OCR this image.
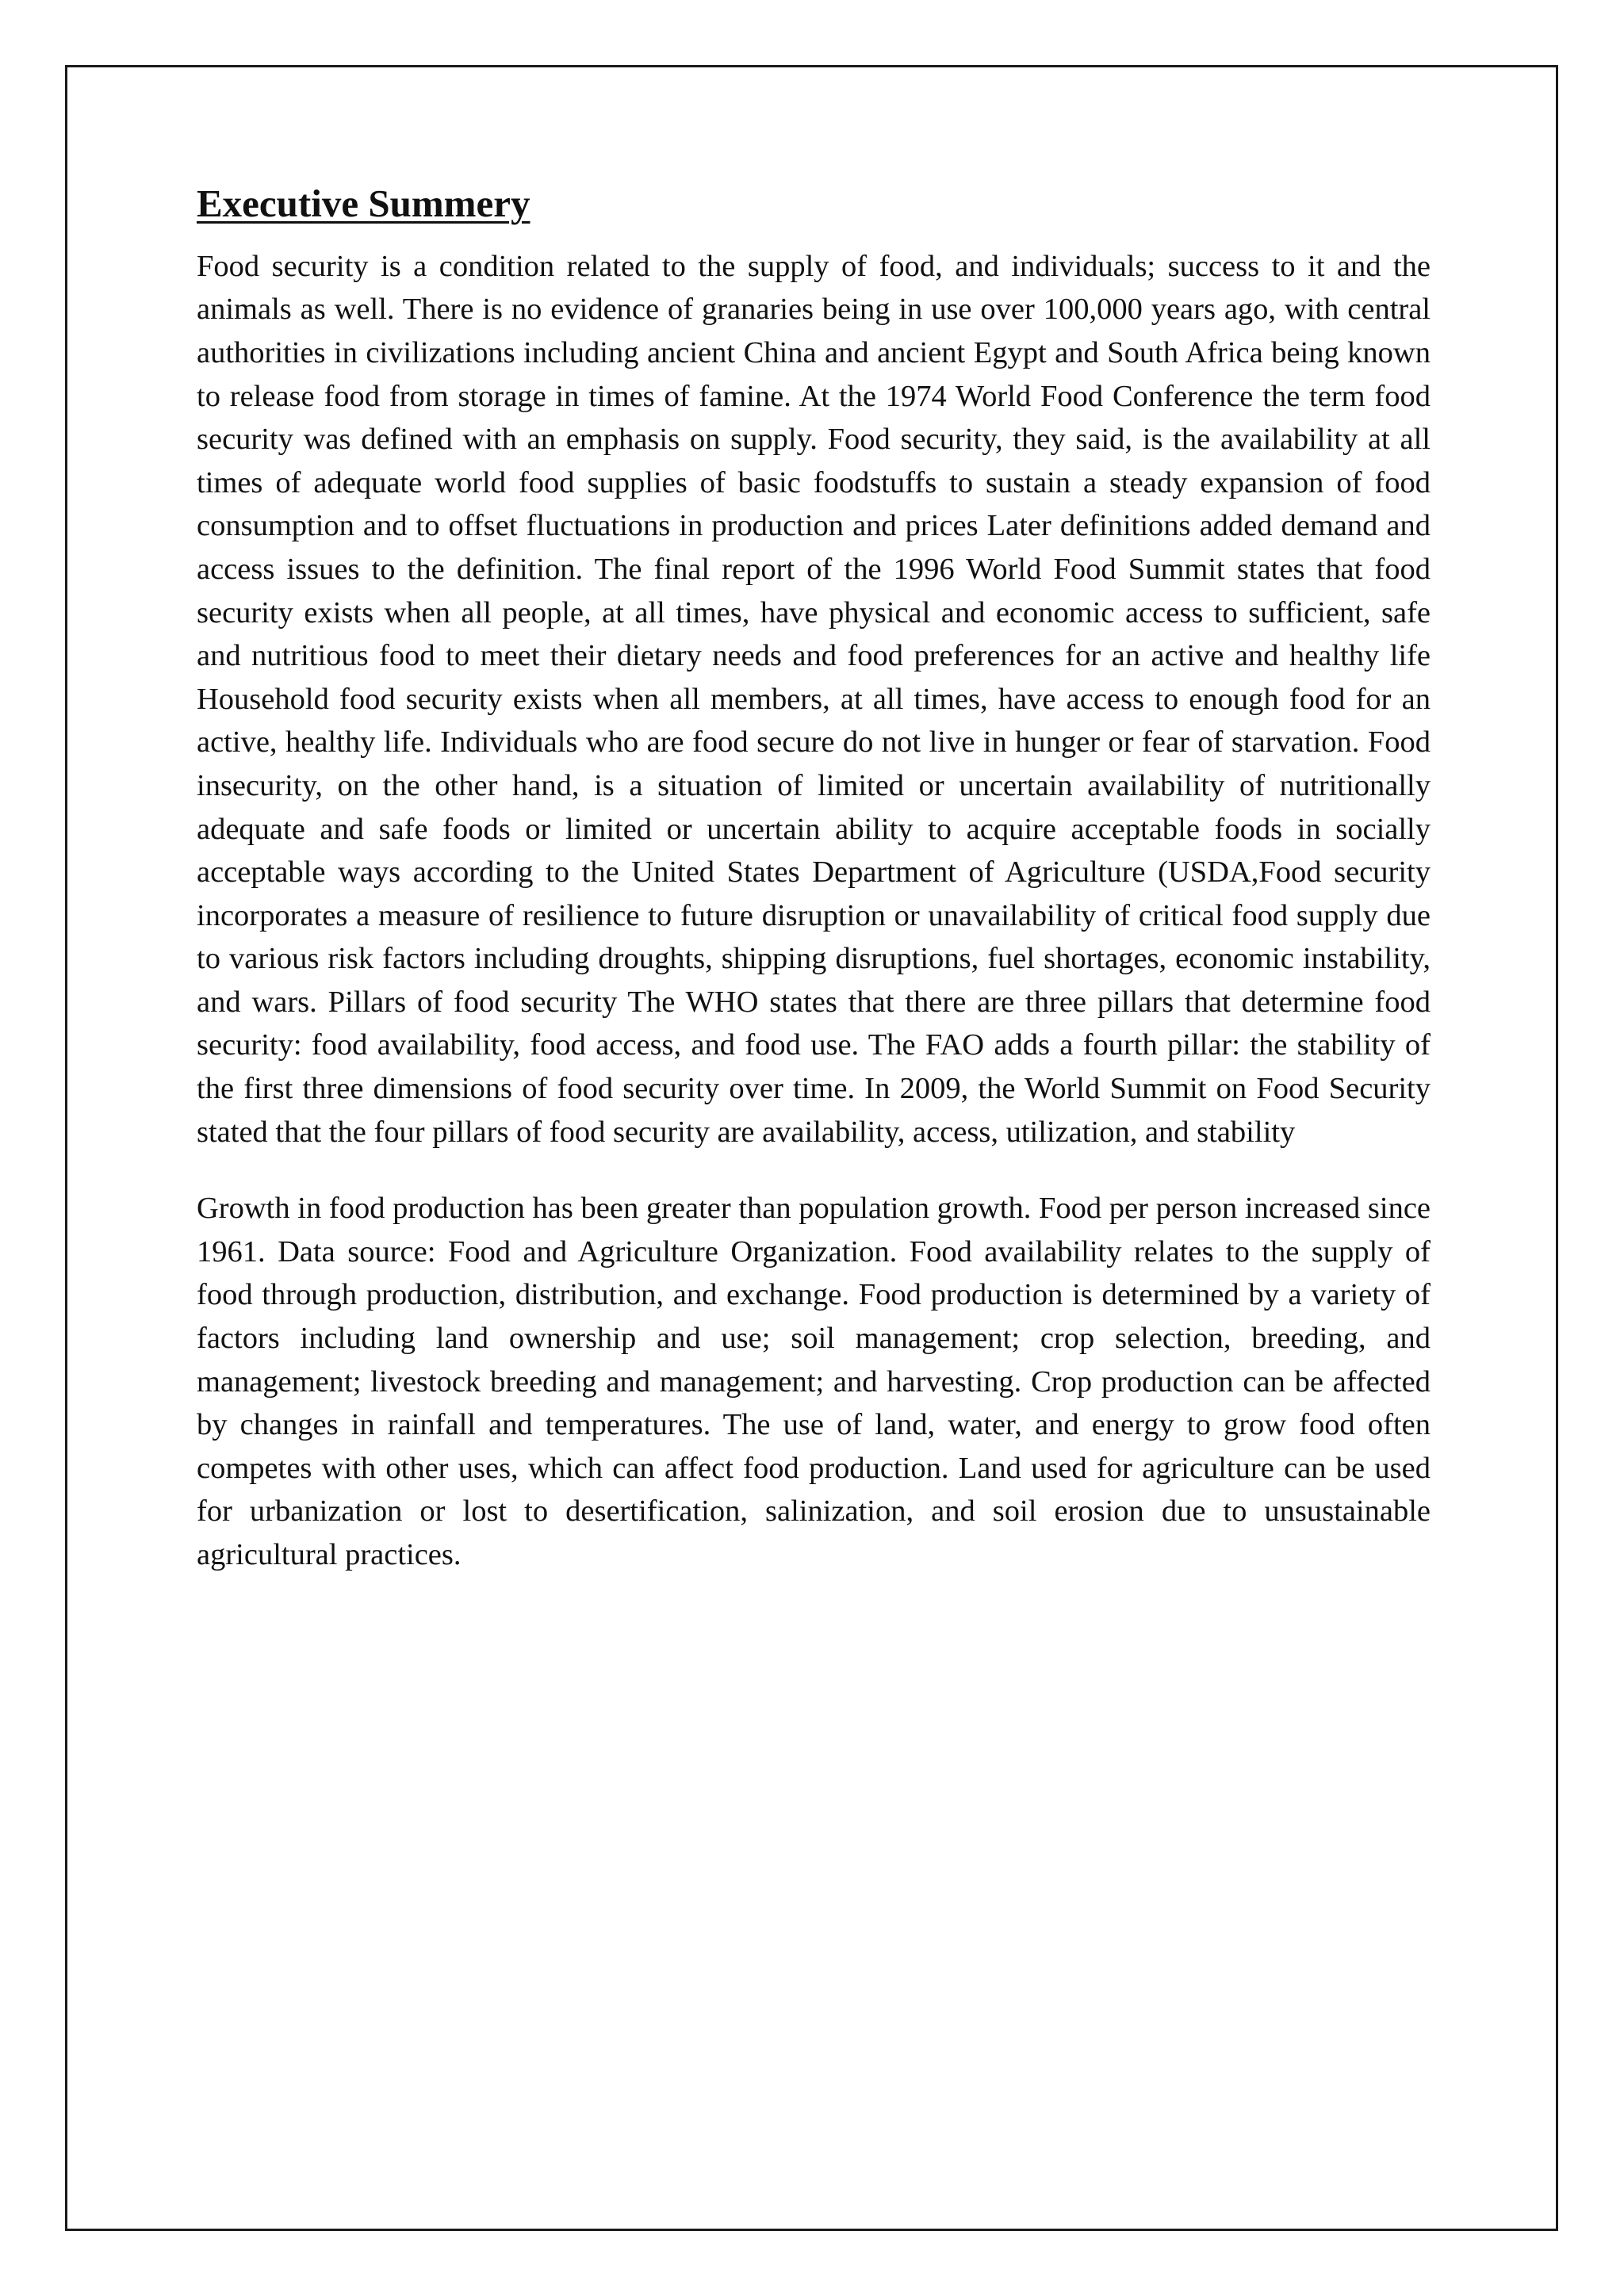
Executive Summery

Food security is a condition related to the supply of food, and individuals; success to it and the animals as well. There is no evidence of granaries being in use over 100,000 years ago, with central authorities in civilizations including ancient China and ancient Egypt and South Africa being known to release food from storage in times of famine. At the 1974 World Food Conference the term food security was defined with an emphasis on supply. Food security, they said, is the availability at all times of adequate world food supplies of basic foodstuffs to sustain a steady expansion of food consumption and to offset fluctuations in production and prices Later definitions added demand and access issues to the definition. The final report of the 1996 World Food Summit states that food security exists when all people, at all times, have physical and economic access to sufficient, safe and nutritious food to meet their dietary needs and food preferences for an active and healthy life Household food security exists when all members, at all times, have access to enough food for an active, healthy life. Individuals who are food secure do not live in hunger or fear of starvation. Food insecurity, on the other hand, is a situation of limited or uncertain availability of nutritionally adequate and safe foods or limited or uncertain ability to acquire acceptable foods in socially acceptable ways according to the United States Department of Agriculture (USDA,Food security incorporates a measure of resilience to future disruption or unavailability of critical food supply due to various risk factors including droughts, shipping disruptions, fuel shortages, economic instability, and wars. Pillars of food security The WHO states that there are three pillars that determine food security: food availability, food access, and food use. The FAO adds a fourth pillar: the stability of the first three dimensions of food security over time. In 2009, the World Summit on Food Security stated that the four pillars of food security are availability, access, utilization, and stability

Growth in food production has been greater than population growth. Food per person increased since 1961. Data source: Food and Agriculture Organization. Food availability relates to the supply of food through production, distribution, and exchange. Food production is determined by a variety of factors including land ownership and use; soil management; crop selection, breeding, and management; livestock breeding and management; and harvesting. Crop production can be affected by changes in rainfall and temperatures. The use of land, water, and energy to grow food often competes with other uses, which can affect food production. Land used for agriculture can be used for urbanization or lost to desertification, salinization, and soil erosion due to unsustainable agricultural practices.
